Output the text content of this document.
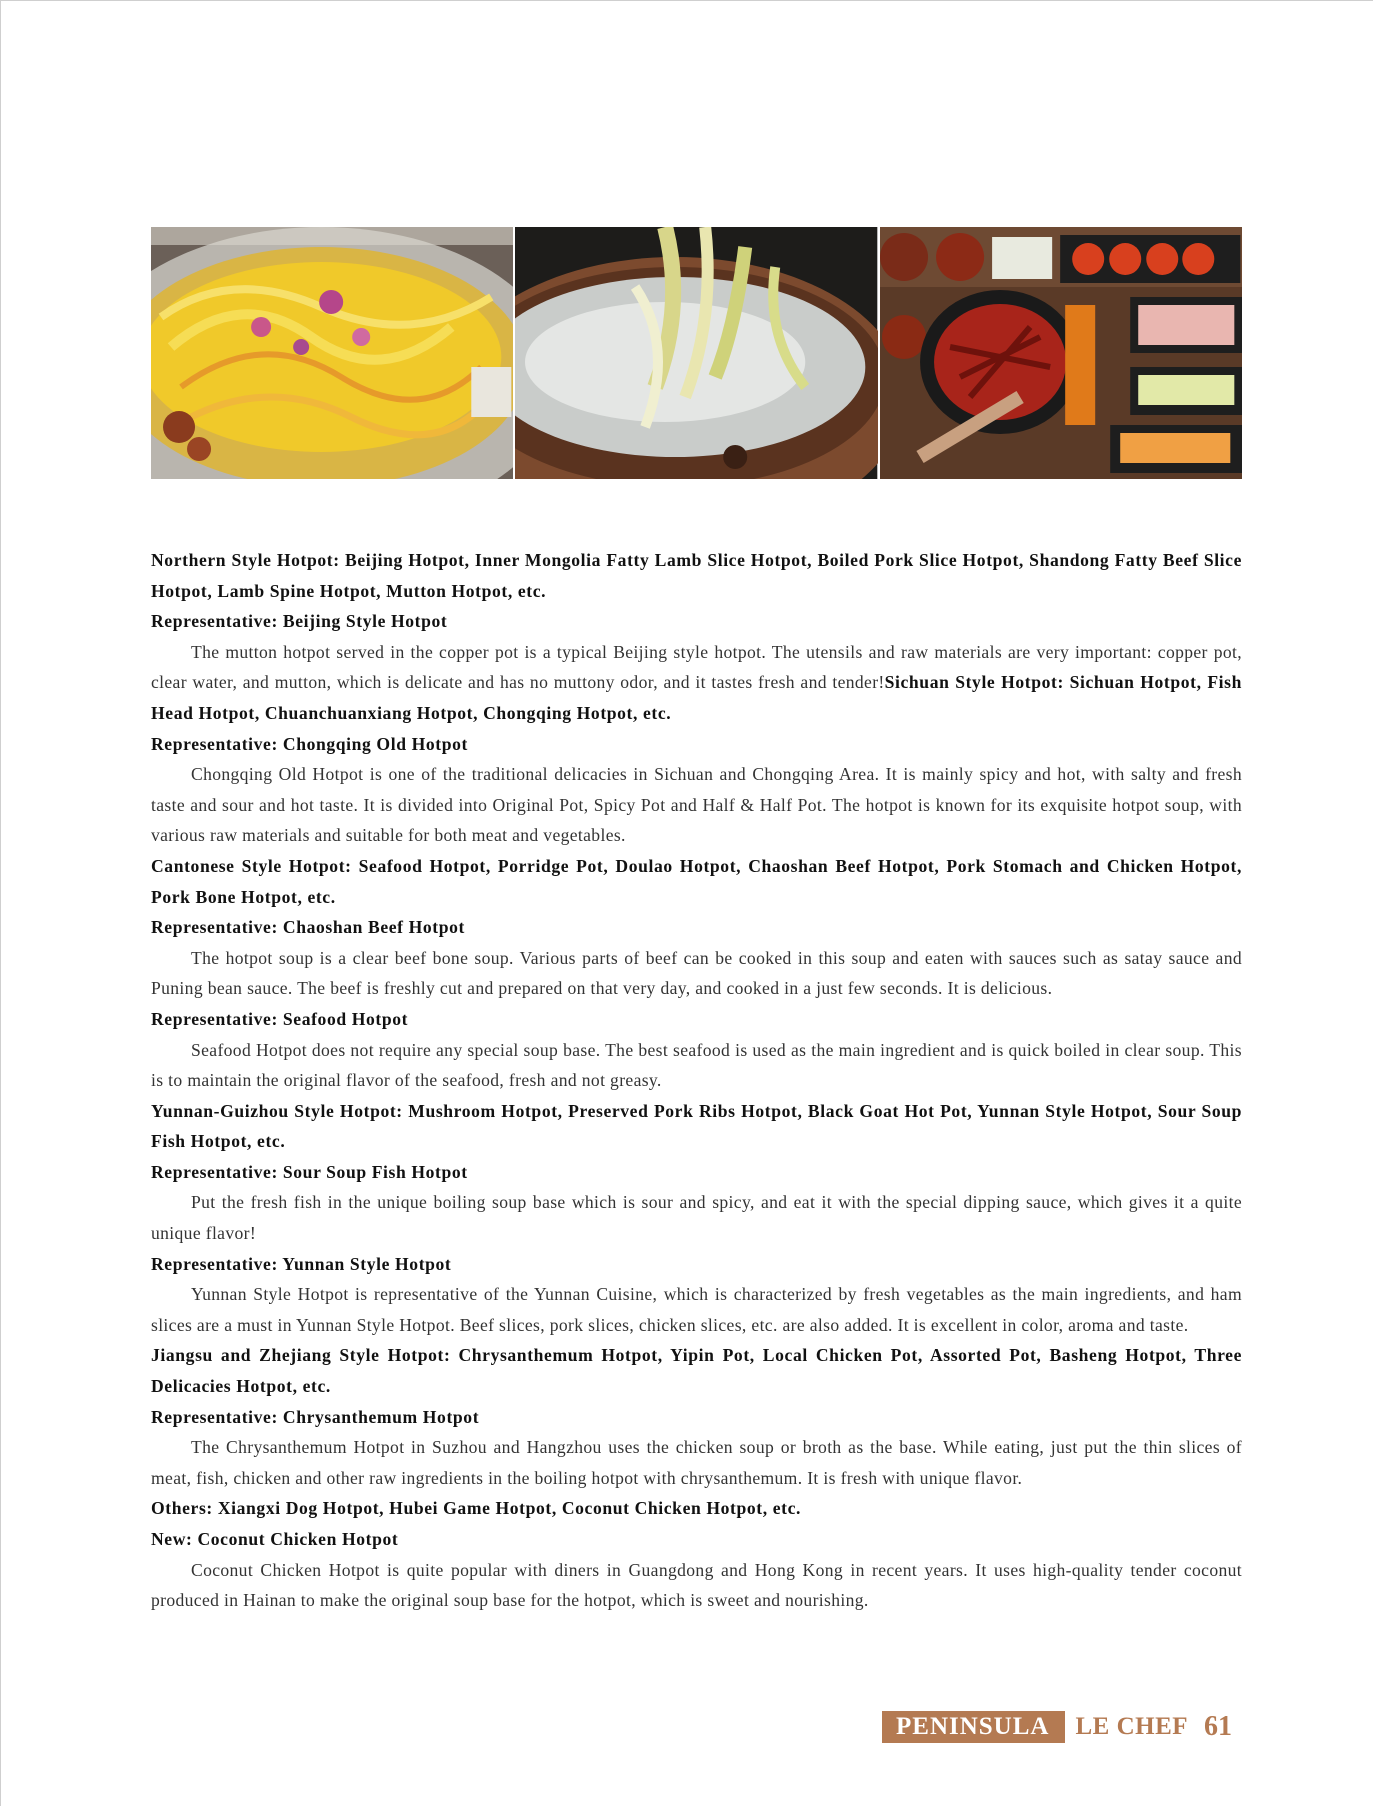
Northern Style Hotpot: Beijing Hotpot, Inner Mongolia Fatty Lamb Slice Hotpot, Boiled Pork Slice Hotpot, Shandong Fatty Beef Slice Hotpot, Lamb Spine Hotpot, Mutton Hotpot, etc.

Representative: Beijing Style Hotpot

The mutton hotpot served in the copper pot is a typical Beijing style hotpot. The utensils and raw materials are very important: copper pot, clear water, and mutton, which is delicate and has no muttony odor, and it tastes fresh and tender!Sichuan Style Hotpot: Sichuan Hotpot, Fish Head Hotpot, Chuanchuanxiang Hotpot, Chongqing Hotpot, etc.

Representative: Chongqing Old Hotpot

Chongqing Old Hotpot is one of the traditional delicacies in Sichuan and Chongqing Area. It is mainly spicy and hot, with salty and fresh taste and sour and hot taste. It is divided into Original Pot, Spicy Pot and Half & Half Pot. The hotpot is known for its exquisite hotpot soup, with various raw materials and suitable for both meat and vegetables.

Cantonese Style Hotpot: Seafood Hotpot, Porridge Pot, Doulao Hotpot, Chaoshan Beef Hotpot, Pork Stomach and Chicken Hotpot, Pork Bone Hotpot, etc.

Representative: Chaoshan Beef Hotpot

The hotpot soup is a clear beef bone soup. Various parts of beef can be cooked in this soup and eaten with sauces such as satay sauce and Puning bean sauce. The beef is freshly cut and prepared on that very day, and cooked in a just few seconds. It is delicious.

Representative: Seafood Hotpot

Seafood Hotpot does not require any special soup base. The best seafood is used as the main ingredient and is quick boiled in clear soup. This is to maintain the original flavor of the seafood, fresh and not greasy.

Yunnan-Guizhou Style Hotpot: Mushroom Hotpot, Preserved Pork Ribs Hotpot, Black Goat Hot Pot, Yunnan Style Hotpot, Sour Soup Fish Hotpot, etc.

Representative: Sour Soup Fish Hotpot

Put the fresh fish in the unique boiling soup base which is sour and spicy, and eat it with the special dipping sauce, which gives it a quite unique flavor!

Representative: Yunnan Style Hotpot

Yunnan Style Hotpot is representative of the Yunnan Cuisine, which is characterized by fresh vegetables as the main ingredients, and ham slices are a must in Yunnan Style Hotpot. Beef slices, pork slices, chicken slices, etc. are also added. It is excellent in color, aroma and taste.

Jiangsu and Zhejiang Style Hotpot: Chrysanthemum Hotpot, Yipin Pot, Local Chicken Pot, Assorted Pot, Basheng Hotpot, Three Delicacies Hotpot, etc.

Representative: Chrysanthemum Hotpot

The Chrysanthemum Hotpot in Suzhou and Hangzhou uses the chicken soup or broth as the base. While eating, just put the thin slices of meat, fish, chicken and other raw ingredients in the boiling hotpot with chrysanthemum. It is fresh with unique flavor.

Others: Xiangxi Dog Hotpot, Hubei Game Hotpot, Coconut Chicken Hotpot, etc.

New: Coconut Chicken Hotpot

Coconut Chicken Hotpot is quite popular with diners in Guangdong and Hong Kong in recent years. It uses high-quality tender coconut produced in Hainan to make the original soup base for the hotpot, which is sweet and nourishing.

PENINSULA	LE CHEF 61
